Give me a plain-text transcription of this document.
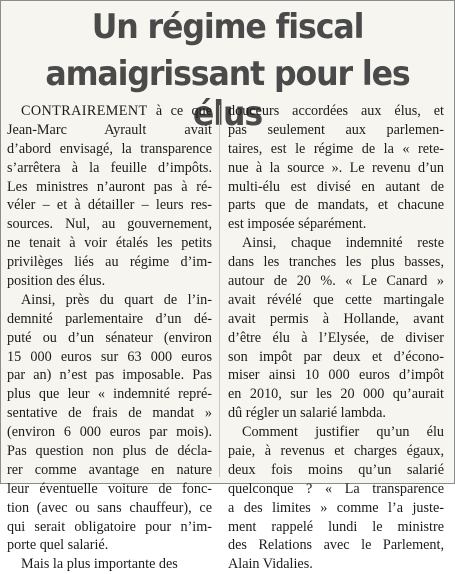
Un régime fiscal
amaigrissant pour les élus
CONTRAIREMENT à ce que
Jean-Marc Ayrault avait
d’abord envisagé, la transparence
s’arrêtera à la feuille d’impôts.
Les ministres n’auront pas à ré-
véler – et à détailler – leurs res-
sources. Nul, au gouvernement,
ne tenait à voir étalés les petits
privilèges liés au régime d’im-
position des élus.
Ainsi, près du quart de l’in-
demnité parlementaire d’un dé-
puté ou d’un sénateur (environ
15 000 euros sur 63 000 euros
par an) n’est pas imposable. Pas
plus que leur « indemnité repré-
sentative de frais de mandat »
(environ 6 000 euros par mois).
Pas question non plus de décla-
rer comme avantage en nature
leur éventuelle voiture de fonc-
tion (avec ou sans chauffeur), ce
qui serait obligatoire pour n’im-
porte quel salarié.
Mais la plus importante des
douceurs accordées aux élus, et
pas seulement aux parlemen-
taires, est le régime de la « rete-
nue à la source ». Le revenu d’un
multi-élu est divisé en autant de
parts que de mandats, et chacune
est imposée séparément.
Ainsi, chaque indemnité reste
dans les tranches les plus basses,
autour de 20 %. « Le Canard »
avait révélé que cette martingale
avait permis à Hollande, avant
d’être élu à l’Elysée, de diviser
son impôt par deux et d’écono-
miser ainsi 10 000 euros d’impôt
en 2010, sur les 20 000 qu’aurait
dû régler un salarié lambda.
Comment justifier qu’un élu
paie, à revenus et charges égaux,
deux fois moins qu’un salarié
quelconque ? « La transparence
a des limites » comme l’a juste-
ment rappelé lundi le ministre
des Relations avec le Parlement,
Alain Vidalies.
